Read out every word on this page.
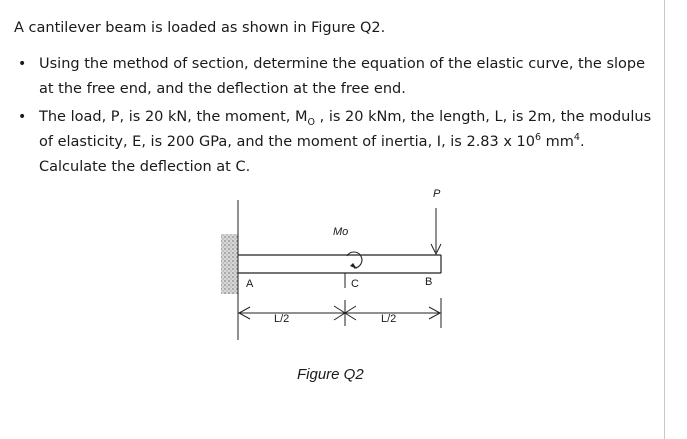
A cantilever beam is loaded as shown in Figure Q2.

• Using the method of section, determine the equation of the elastic curve, the slope at the free end, and the deflection at the free end.
• The load, P, is 20 kN, the moment, $M_O$ , is 20 kNm, the length, L, is 2m, the modulus of elasticity, E, is 200 GPa, and the moment of inertia, I, is 2.83 x $10^6$ $mm^4$. Calculate the deflection at C.
P
Mo
A	C	B
L/2	L/2
Figure Q2
